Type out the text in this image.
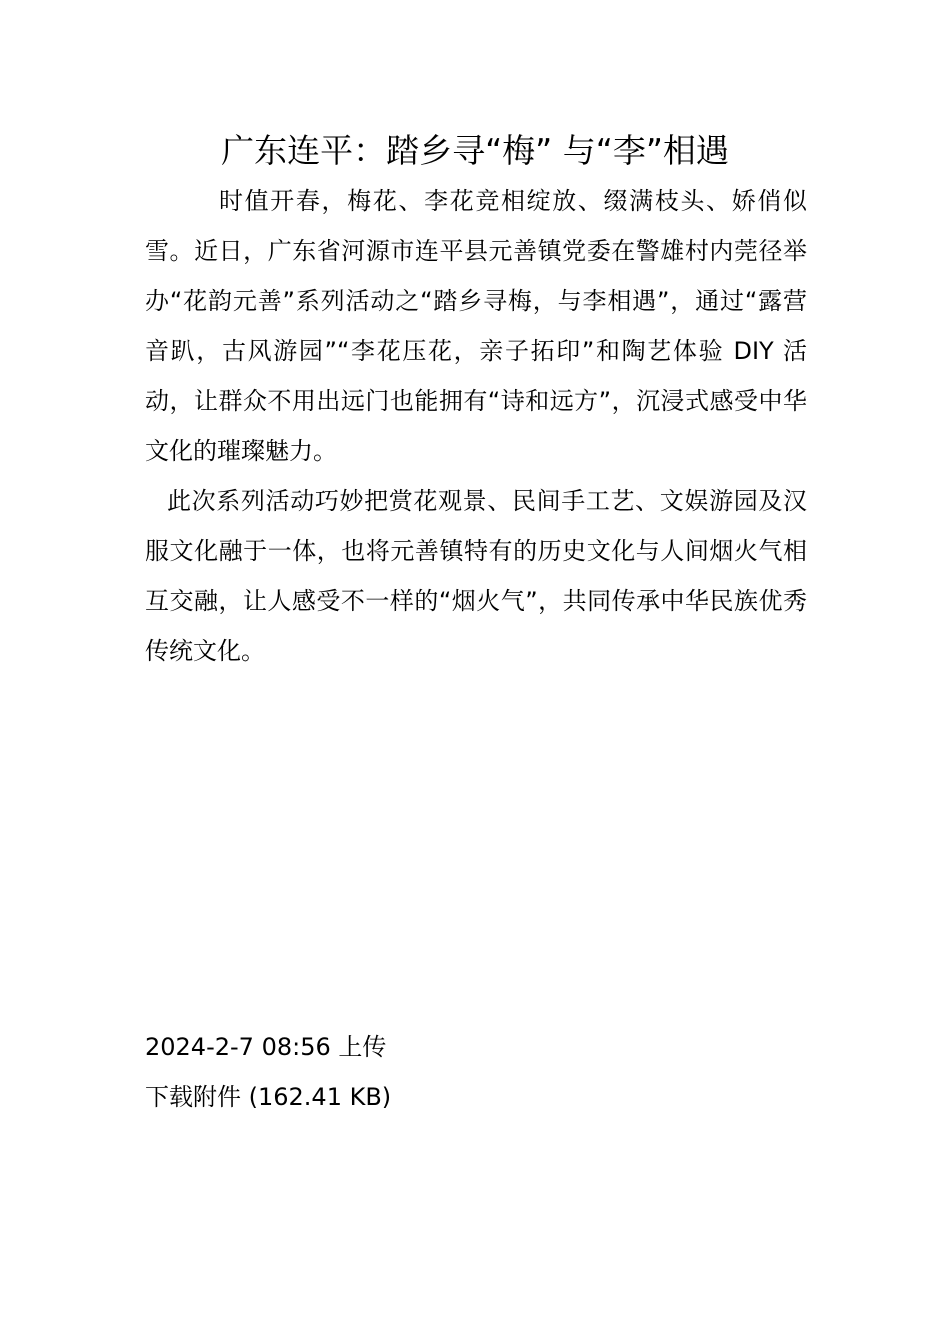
广东连平：踏乡寻“梅” 与“李”相遇

时值开春，梅花、李花竞相绽放、缀满枝头、娇俏似雪。近日，广东省河源市连平县元善镇党委在警雄村内莞径举办“花韵元善”系列活动之“踏乡寻梅，与李相遇”，通过“露营音趴，古风游园”“李花压花，亲子拓印”和陶艺体验 DIY 活动，让群众不用出远门也能拥有“诗和远方”，沉浸式感受中华文化的璀璨魅力。

此次系列活动巧妙把赏花观景、民间手工艺、文娱游园及汉服文化融于一体，也将元善镇特有的历史文化与人间烟火气相互交融，让人感受不一样的“烟火气”，共同传承中华民族优秀传统文化。

2024-2-7 08:56 上传
下载附件 (162.41 KB)
